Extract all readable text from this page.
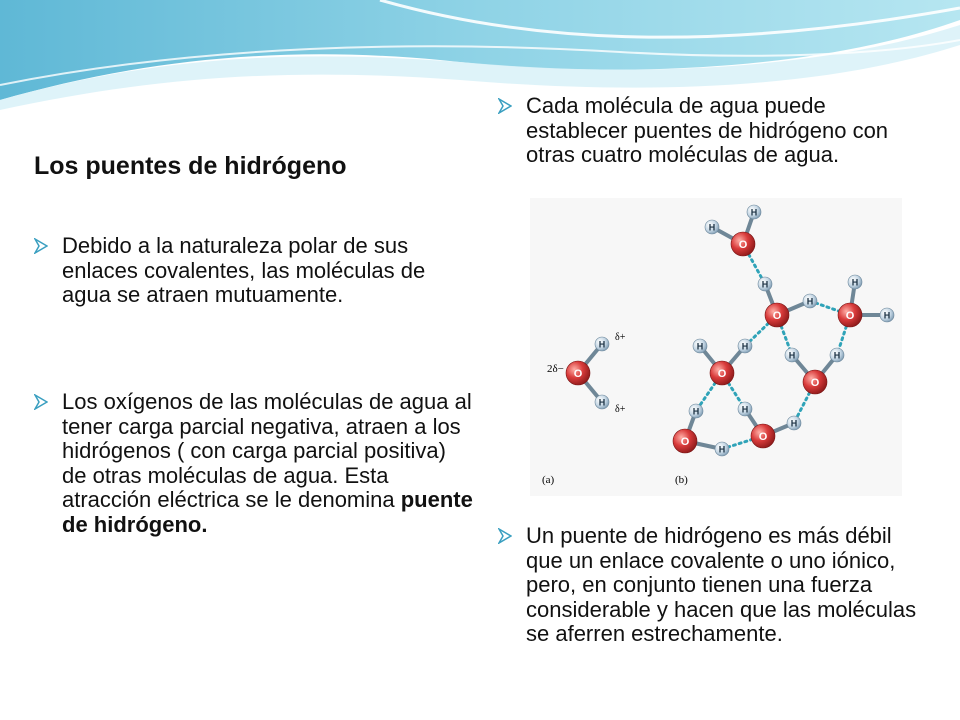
Los puentes de hidrógeno
Debido a la naturaleza polar de sus enlaces covalentes, las moléculas de agua se atraen mutuamente.
Los oxígenos de las moléculas de agua al tener carga parcial negativa, atraen a los hidrógenos ( con carga parcial positiva) de otras moléculas de agua. Esta atracción eléctrica se le denomina puente de hidrógeno.
Cada molécula de agua puede establecer puentes de hidrógeno con otras cuatro moléculas de agua.
Un puente de hidrógeno es más débil que un enlace covalente o uno iónico, pero, en conjunto tienen una fuerza considerable y hacen que las moléculas se aferren estrechamente.
O
H
H
O
H
H
O
H
H
O
H
H
O
H	H
O
H	H
O
H
H
O
H
H
2δ−
δ+
δ+
(a)	(b)
